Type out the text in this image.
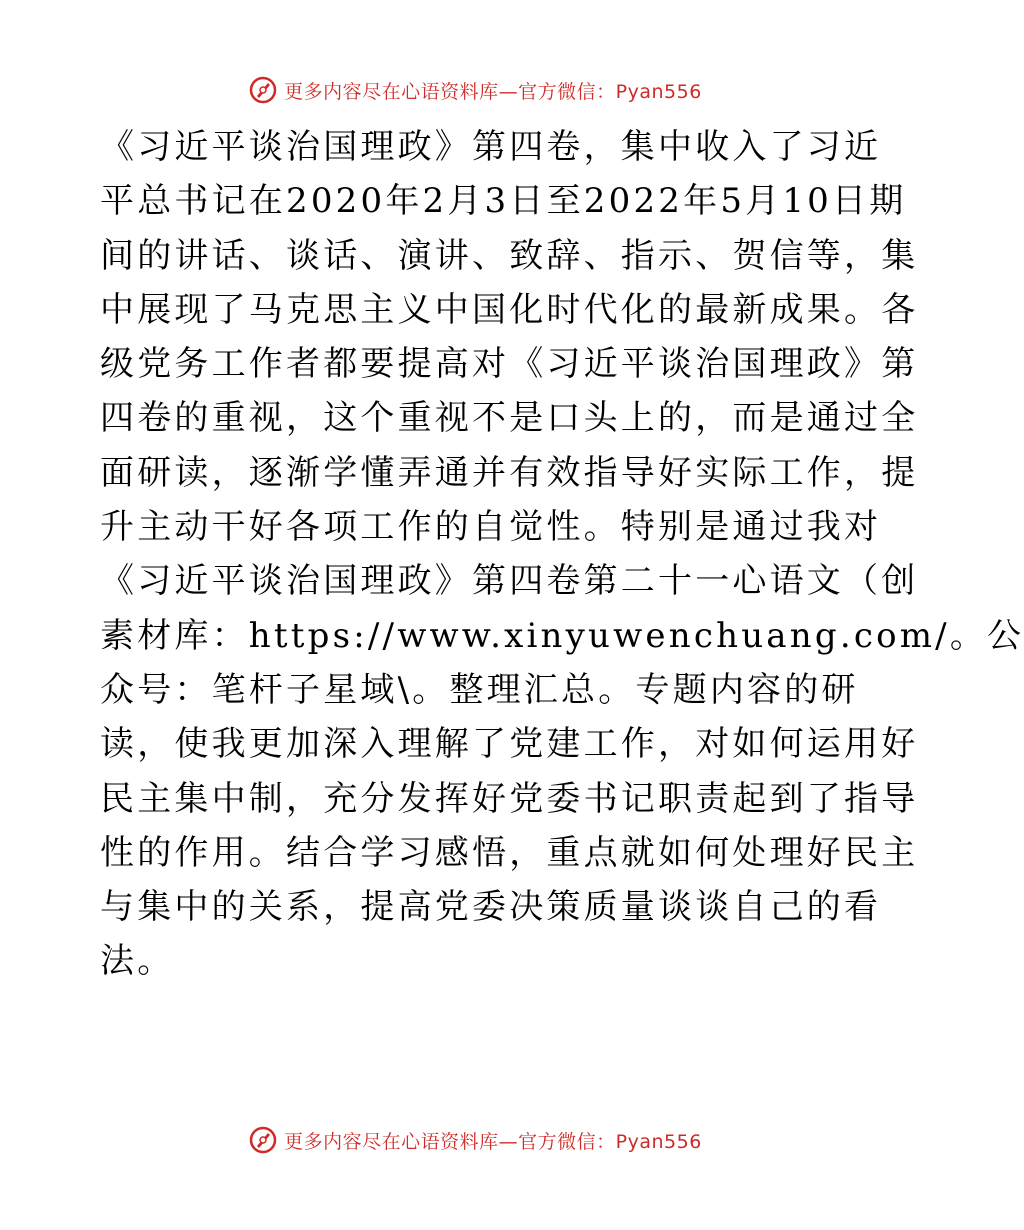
更多内容尽在心语资料库—官方微信：Pyan556
《习近平谈治国理政》第四卷，集中收入了习近
平总书记在2020年2月3日至2022年5月10日期
间的讲话、谈话、演讲、致辞、指示、贺信等，集
中展现了马克思主义中国化时代化的最新成果。各
级党务工作者都要提高对《习近平谈治国理政》第
四卷的重视，这个重视不是口头上的，而是通过全
面研读，逐渐学懂弄通并有效指导好实际工作，提
升主动干好各项工作的自觉性。特别是通过我对
《习近平谈治国理政》第四卷第二十一心语文（创
素材库：https://www.xinyuwenchuang.com/。公
众号：笔杆子星域\。整理汇总。专题内容的研
读，使我更加深入理解了党建工作，对如何运用好
民主集中制，充分发挥好党委书记职责起到了指导
性的作用。结合学习感悟，重点就如何处理好民主
与集中的关系，提高党委决策质量谈谈自己的看
法。
更多内容尽在心语资料库—官方微信：Pyan556
